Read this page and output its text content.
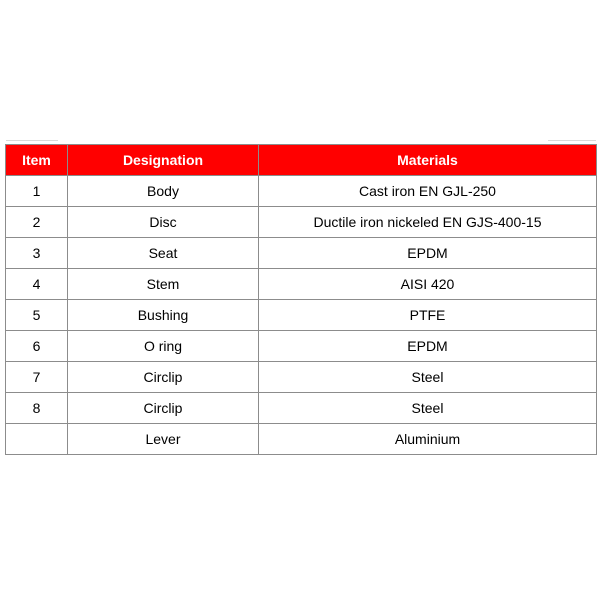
Item	Designation	Materials
1	Body	Cast iron EN GJL-250
2	Disc	Ductile iron nickeled EN GJS-400-15
3	Seat	EPDM
4	Stem	AISI 420
5	Bushing	PTFE
6	O ring	EPDM
7	Circlip	Steel
8	Circlip	Steel
	Lever	Aluminium
